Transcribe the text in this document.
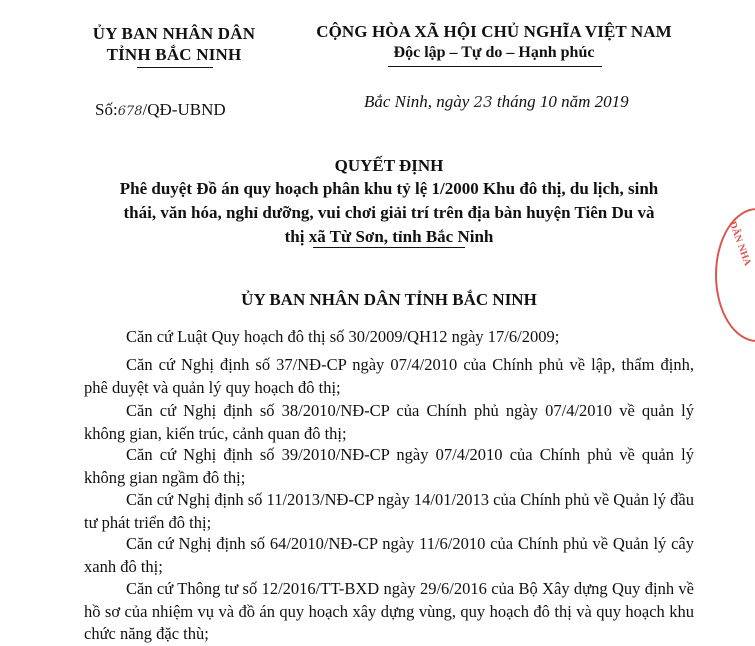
ỦY BAN NHÂN DÂN
TỈNH BẮC NINH
CỘNG HÒA XÃ HỘI CHỦ NGHĨA VIỆT NAM
Độc lập – Tự do – Hạnh phúc
Số:678/QĐ-UBND	Bắc Ninh, ngày 23 tháng 10 năm 2019
QUYẾT ĐỊNH
Phê duyệt Đồ án quy hoạch phân khu tỷ lệ 1/2000 Khu đô thị, du lịch, sinh
thái, văn hóa, nghỉ dưỡng, vui chơi giải trí trên địa bàn huyện Tiên Du và
thị xã Từ Sơn, tỉnh Bắc Ninh
ỦY BAN NHÂN DÂN TỈNH BẮC NINH
Căn cứ Luật Quy hoạch đô thị số 30/2009/QH12 ngày 17/6/2009;
Căn cứ Nghị định số 37/NĐ-CP ngày 07/4/2010 của Chính phủ về lập, thẩm định, phê duyệt và quản lý quy hoạch đô thị;
Căn cứ Nghị định số 38/2010/NĐ-CP của Chính phủ ngày 07/4/2010 về quản lý không gian, kiến trúc, cảnh quan đô thị;
Căn cứ Nghị định số 39/2010/NĐ-CP ngày 07/4/2010 của Chính phủ về quản lý không gian ngầm đô thị;
Căn cứ Nghị định số 11/2013/NĐ-CP ngày 14/01/2013 của Chính phủ về Quản lý đầu tư phát triển đô thị;
Căn cứ Nghị định số 64/2010/NĐ-CP ngày 11/6/2010 của Chính phủ về Quản lý cây xanh đô thị;
Căn cứ Thông tư số 12/2016/TT-BXD ngày 29/6/2016 của Bộ Xây dựng Quy định về hồ sơ của nhiệm vụ và đồ án quy hoạch xây dựng vùng, quy hoạch đô thị và quy hoạch khu chức năng đặc thù;
DÂN NHA
